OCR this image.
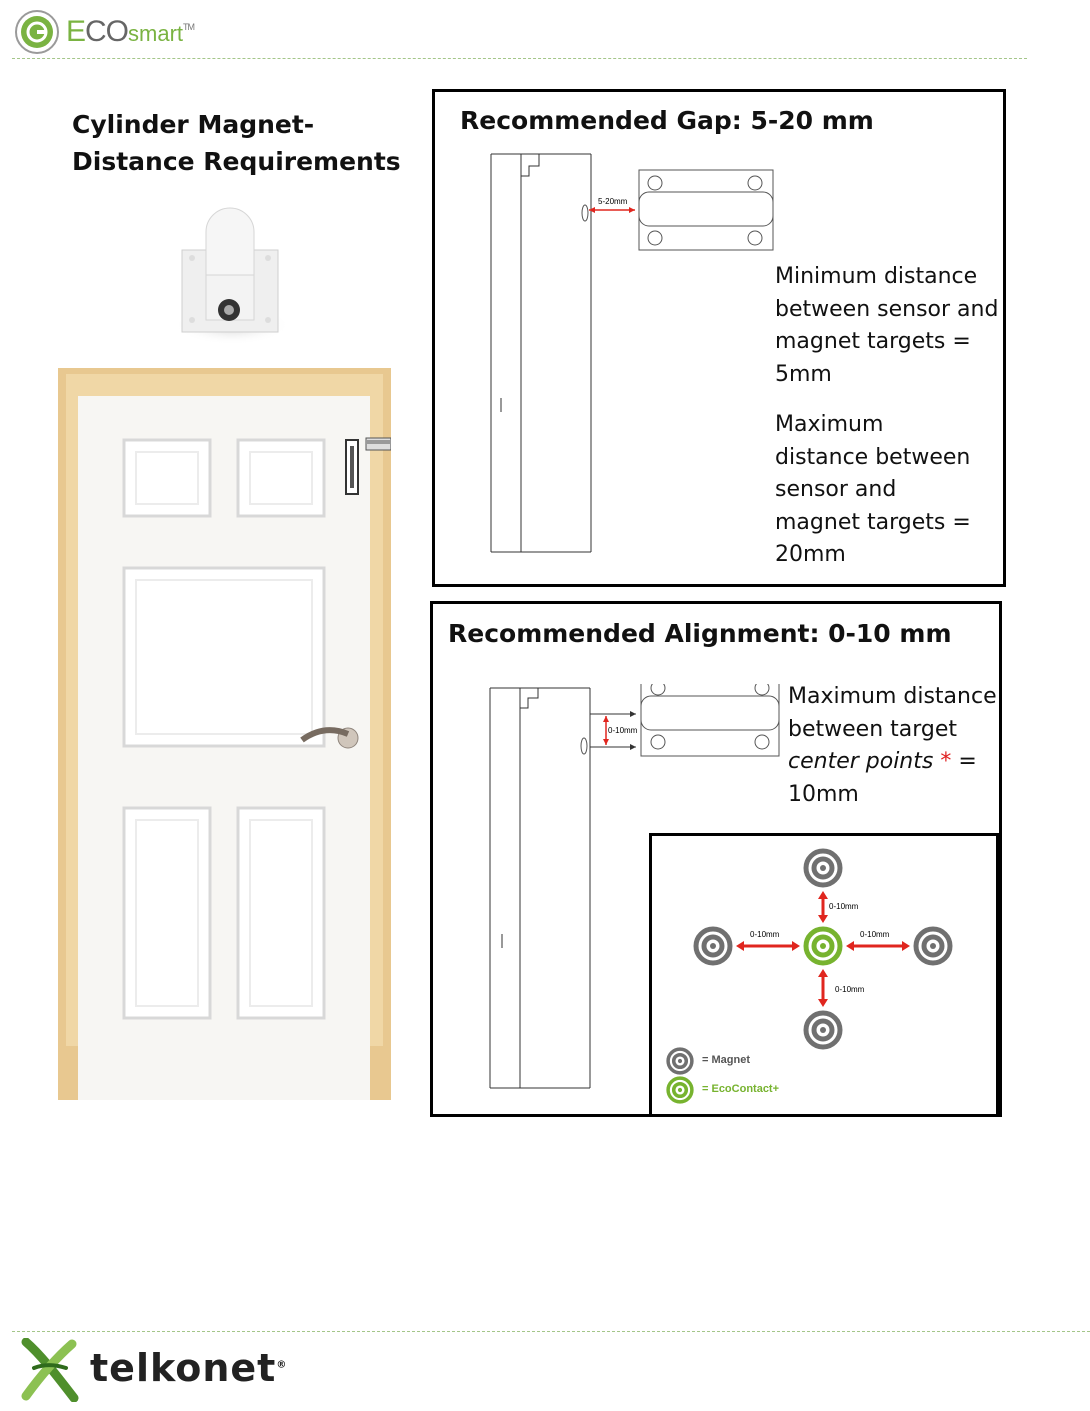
ECOsmart™
Cylinder Magnet-
Distance Requirements
Recommended Gap: 5-20 mm
5-20mm
Minimum distance
between sensor and
magnet targets =
5mm
Maximum
distance between
sensor and
magnet targets =
20mm
Recommended Alignment: 0-10 mm
0-10mm
Maximum distance
between target
center points * =
10mm
0-10mm
0-10mm	0-10mm
0-10mm
= Magnet
= EcoContact+
telkonet®
